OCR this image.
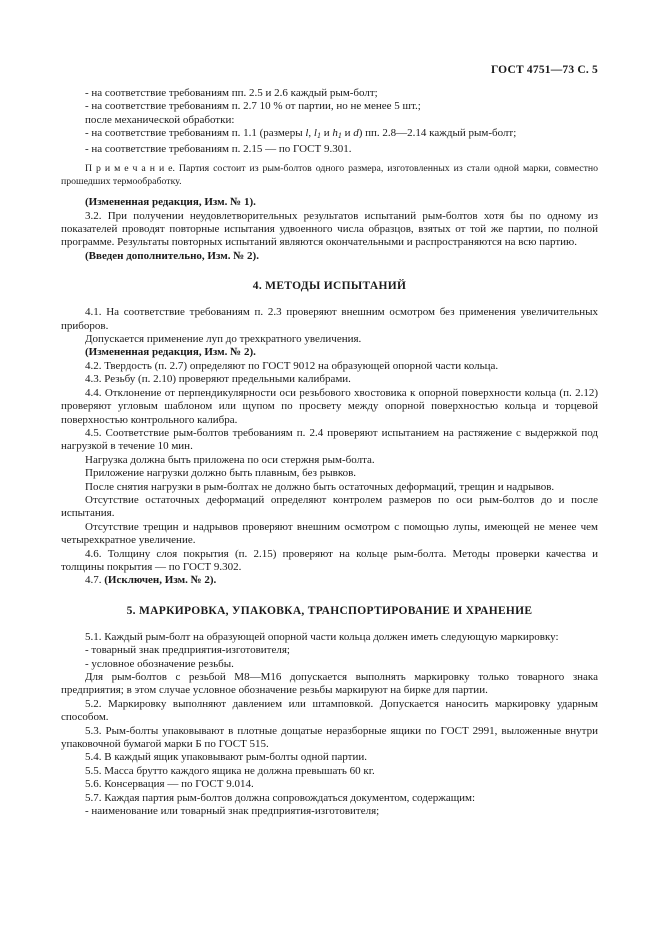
ГОСТ 4751—73 С. 5

- на соответствие требованиям пп. 2.5 и 2.6 каждый рым-болт;

- на соответствие требованиям п. 2.7 10 % от партии, но не менее 5 шт.;

после механической обработки:

- на соответствие требованиям п. 1.1 (размеры l, l1 и h1 и d) пп. 2.8—2.14 каждый рым-болт;

- на соответствие требованиям п. 2.15 — по ГОСТ 9.301.

П р и м е ч а н и е. Партия состоит из рым-болтов одного размера, изготовленных из стали одной марки, совместно прошедших термообработку.

(Измененная редакция, Изм. № 1).

3.2. При получении неудовлетворительных результатов испытаний рым-болтов хотя бы по одному из показателей проводят повторные испытания удвоенного числа образцов, взятых от той же партии, по полной программе. Результаты повторных испытаний являются окончательными и распространяются на всю партию.

(Введен дополнительно, Изм. № 2).

4. МЕТОДЫ ИСПЫТАНИЙ

4.1. На соответствие требованиям п. 2.3 проверяют внешним осмотром без применения увеличительных приборов.

Допускается применение луп до трехкратного увеличения.

(Измененная редакция, Изм. № 2).

4.2. Твердость (п. 2.7) определяют по ГОСТ 9012 на образующей опорной части кольца.

4.3. Резьбу (п. 2.10) проверяют предельными калибрами.

4.4. Отклонение от перпендикулярности оси резьбового хвостовика к опорной поверхности кольца (п. 2.12) проверяют угловым шаблоном или щупом по просвету между опорной поверхностью кольца и торцевой поверхностью контрольного калибра.

4.5. Соответствие рым-болтов требованиям п. 2.4 проверяют испытанием на растяжение с выдержкой под нагрузкой в течение 10 мин.

Нагрузка должна быть приложена по оси стержня рым-болта.

Приложение нагрузки должно быть плавным, без рывков.

После снятия нагрузки в рым-болтах не должно быть остаточных деформаций, трещин и надрывов.

Отсутствие остаточных деформаций определяют контролем размеров по оси рым-болтов до и после испытания.

Отсутствие трещин и надрывов проверяют внешним осмотром с помощью лупы, имеющей не менее чем четырехкратное увеличение.

4.6. Толщину слоя покрытия (п. 2.15) проверяют на кольце рым-болта. Методы проверки качества и толщины покрытия — по ГОСТ 9.302.

4.7. (Исключен, Изм. № 2).

5. МАРКИРОВКА, УПАКОВКА, ТРАНСПОРТИРОВАНИЕ И ХРАНЕНИЕ

5.1. Каждый рым-болт на образующей опорной части кольца должен иметь следующую маркировку:

- товарный знак предприятия-изготовителя;

- условное обозначение резьбы.

Для рым-болтов с резьбой М8—М16 допускается выполнять маркировку только товарного знака предприятия; в этом случае условное обозначение резьбы маркируют на бирке для партии.

5.2. Маркировку выполняют давлением или штамповкой. Допускается наносить маркировку ударным способом.

5.3. Рым-болты упаковывают в плотные дощатые неразборные ящики по ГОСТ 2991, выложенные внутри упаковочной бумагой марки Б по ГОСТ 515.

5.4. В каждый ящик упаковывают рым-болты одной партии.

5.5. Масса брутто каждого ящика не должна превышать 60 кг.

5.6. Консервация — по ГОСТ 9.014.

5.7. Каждая партия рым-болтов должна сопровождаться документом, содержащим:

- наименование или товарный знак предприятия-изготовителя;
